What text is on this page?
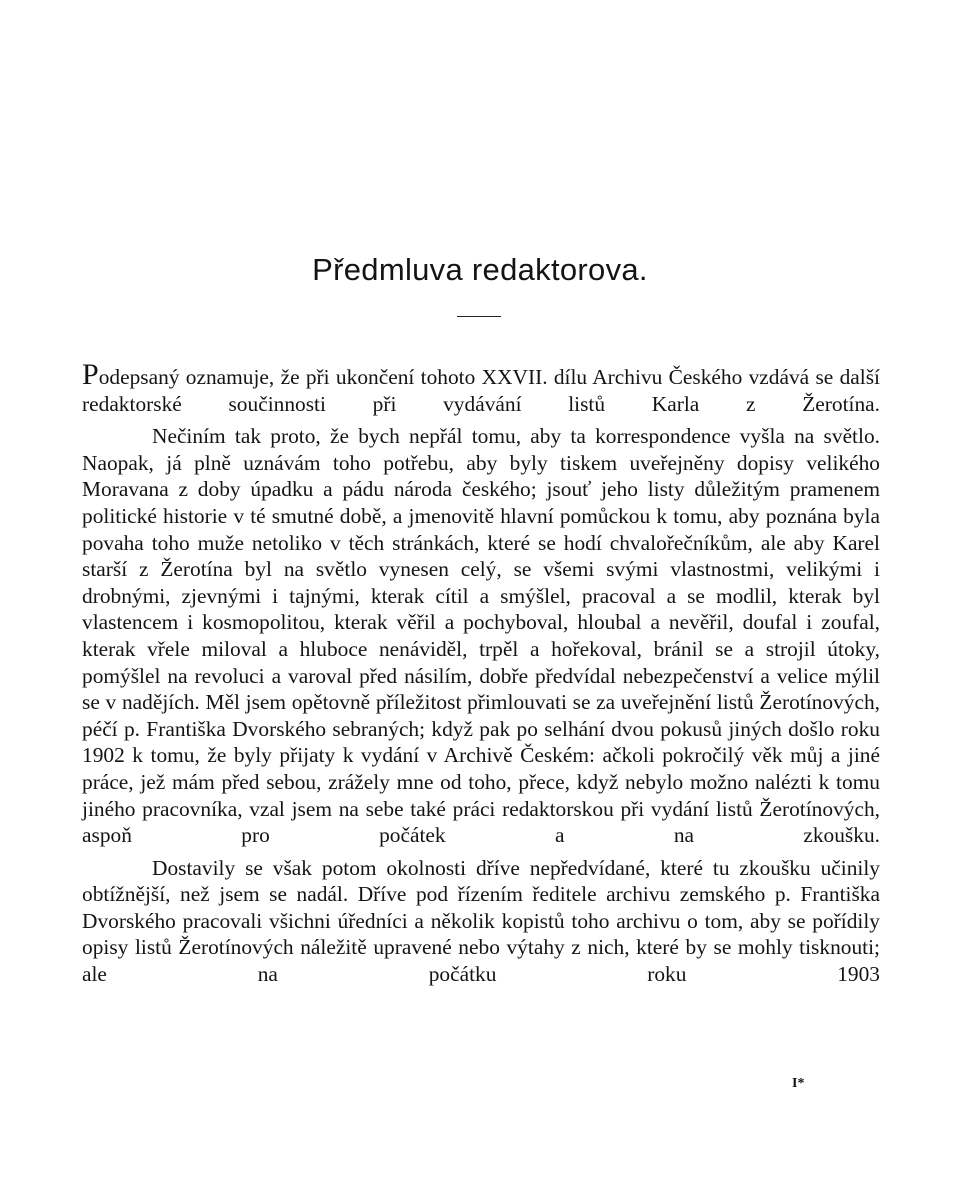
Předmluva redaktorova.

Podepsaný oznamuje, že při ukončení tohoto XXVII. dílu Archivu Českého vzdává se další redaktorské součinnosti při vydávání listů Karla z Žerotína.

Nečiním tak proto, že bych nepřál tomu, aby ta korrespondence vyšla na světlo. Naopak, já plně uznávám toho potřebu, aby byly tiskem uveřejněny dopisy velikého Moravana z doby úpadku a pádu národa českého; jsouť jeho listy důležitým pramenem politické historie v té smutné době, a jmenovitě hlavní pomůckou k tomu, aby poznána byla povaha toho muže netoliko v těch stránkách, které se hodí chvalořečníkům, ale aby Karel starší z Žerotína byl na světlo vynesen celý, se všemi svými vlastnostmi, velikými i drobnými, zjevnými i tajnými, kterak cítil a smýšlel, pracoval a se modlil, kterak byl vlastencem i kosmopolitou, kterak věřil a pochyboval, hloubal a nevěřil, doufal i zoufal, kterak vřele miloval a hluboce nenáviděl, trpěl a hořekoval, bránil se a strojil útoky, pomýšlel na revoluci a varoval před násilím, dobře předvídal nebezpečenství a velice mýlil se v nadějích. Měl jsem opětovně příležitost přimlouvati se za uveřejnění listů Žerotínových, péčí p. Františka Dvorského sebraných; když pak po selhání dvou pokusů jiných došlo roku 1902 k tomu, že byly přijaty k vydání v Archivě Českém: ačkoli pokročilý věk můj a jiné práce, jež mám před sebou, zrážely mne od toho, přece, když nebylo možno nalézti k tomu jiného pracovníka, vzal jsem na sebe také práci redaktorskou při vydání listů Žerotínových, aspoň pro počátek a na zkoušku.

Dostavily se však potom okolnosti dříve nepředvídané, které tu zkoušku učinily obtížnější, než jsem se nadál. Dříve pod řízením ředitele archivu zemského p. Františka Dvorského pracovali všichni úředníci a několik kopistů toho archivu o tom, aby se pořídily opisy listů Žerotínových náležitě upravené nebo výtahy z nich, které by se mohly tisknouti; ale na počátku roku 1903

I*
